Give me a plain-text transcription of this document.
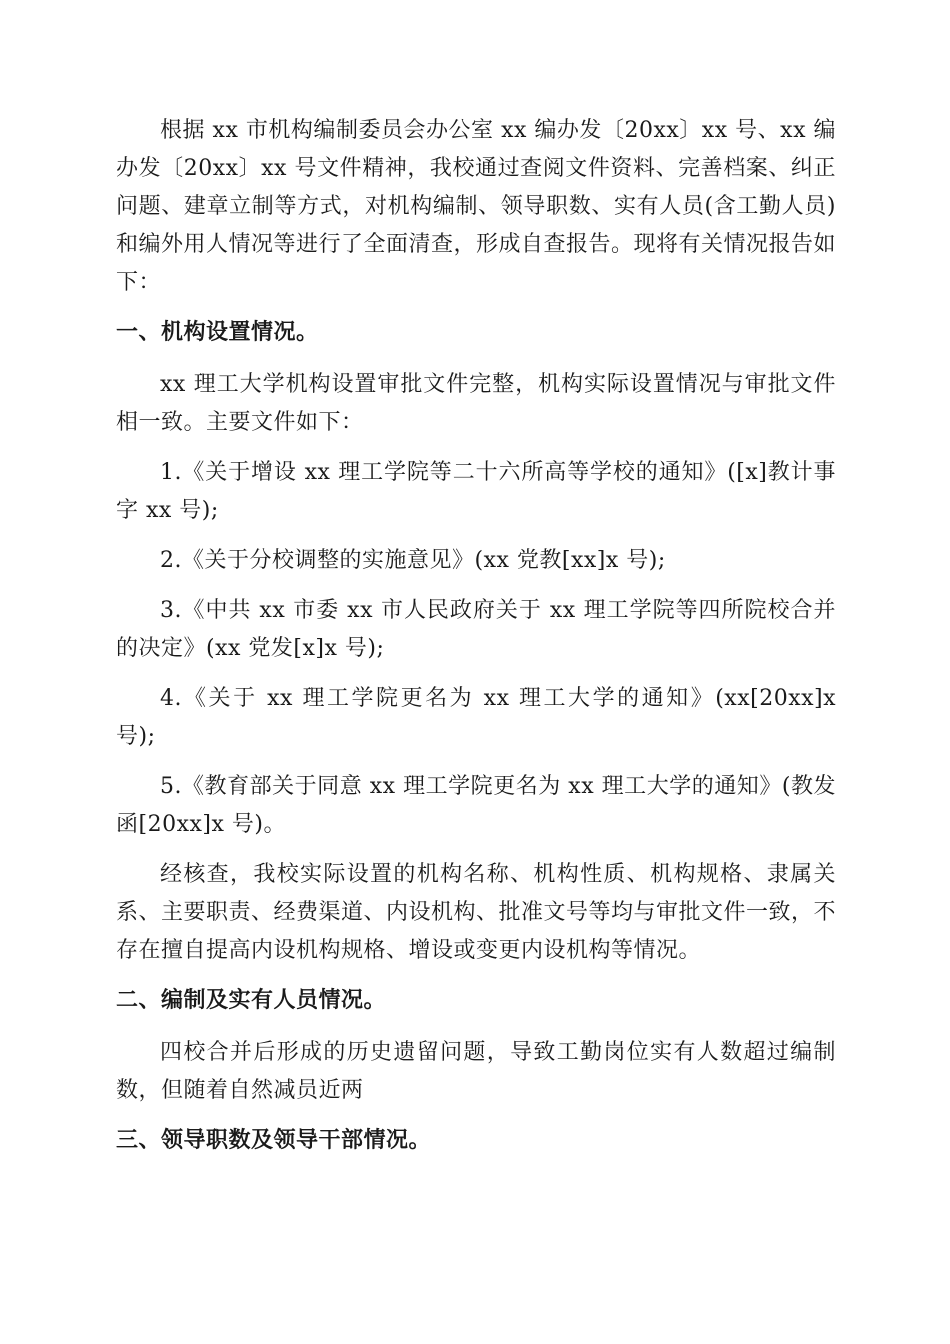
根据 xx 市机构编制委员会办公室 xx 编办发〔20xx〕xx 号、xx 编办发〔20xx〕xx 号文件精神，我校通过查阅文件资料、完善档案、纠正问题、建章立制等方式，对机构编制、领导职数、实有人员(含工勤人员)和编外用人情况等进行了全面清查，形成自查报告。现将有关情况报告如下：

一、机构设置情况。

xx 理工大学机构设置审批文件完整，机构实际设置情况与审批文件相一致。主要文件如下：

1.《关于增设 xx 理工学院等二十六所高等学校的通知》([x]教计事字 xx 号);

2.《关于分校调整的实施意见》(xx 党教[xx]x 号);

3.《中共 xx 市委 xx 市人民政府关于 xx 理工学院等四所院校合并的决定》(xx 党发[x]x 号);

4.《关于 xx 理工学院更名为 xx 理工大学的通知》(xx[20xx]x 号);

5.《教育部关于同意 xx 理工学院更名为 xx 理工大学的通知》(教发函[20xx]x 号)。

经核查，我校实际设置的机构名称、机构性质、机构规格、隶属关系、主要职责、经费渠道、内设机构、批准文号等均与审批文件一致，不存在擅自提高内设机构规格、增设或变更内设机构等情况。

二、编制及实有人员情况。

四校合并后形成的历史遗留问题，导致工勤岗位实有人数超过编制数，但随着自然减员近两

三、领导职数及领导干部情况。
